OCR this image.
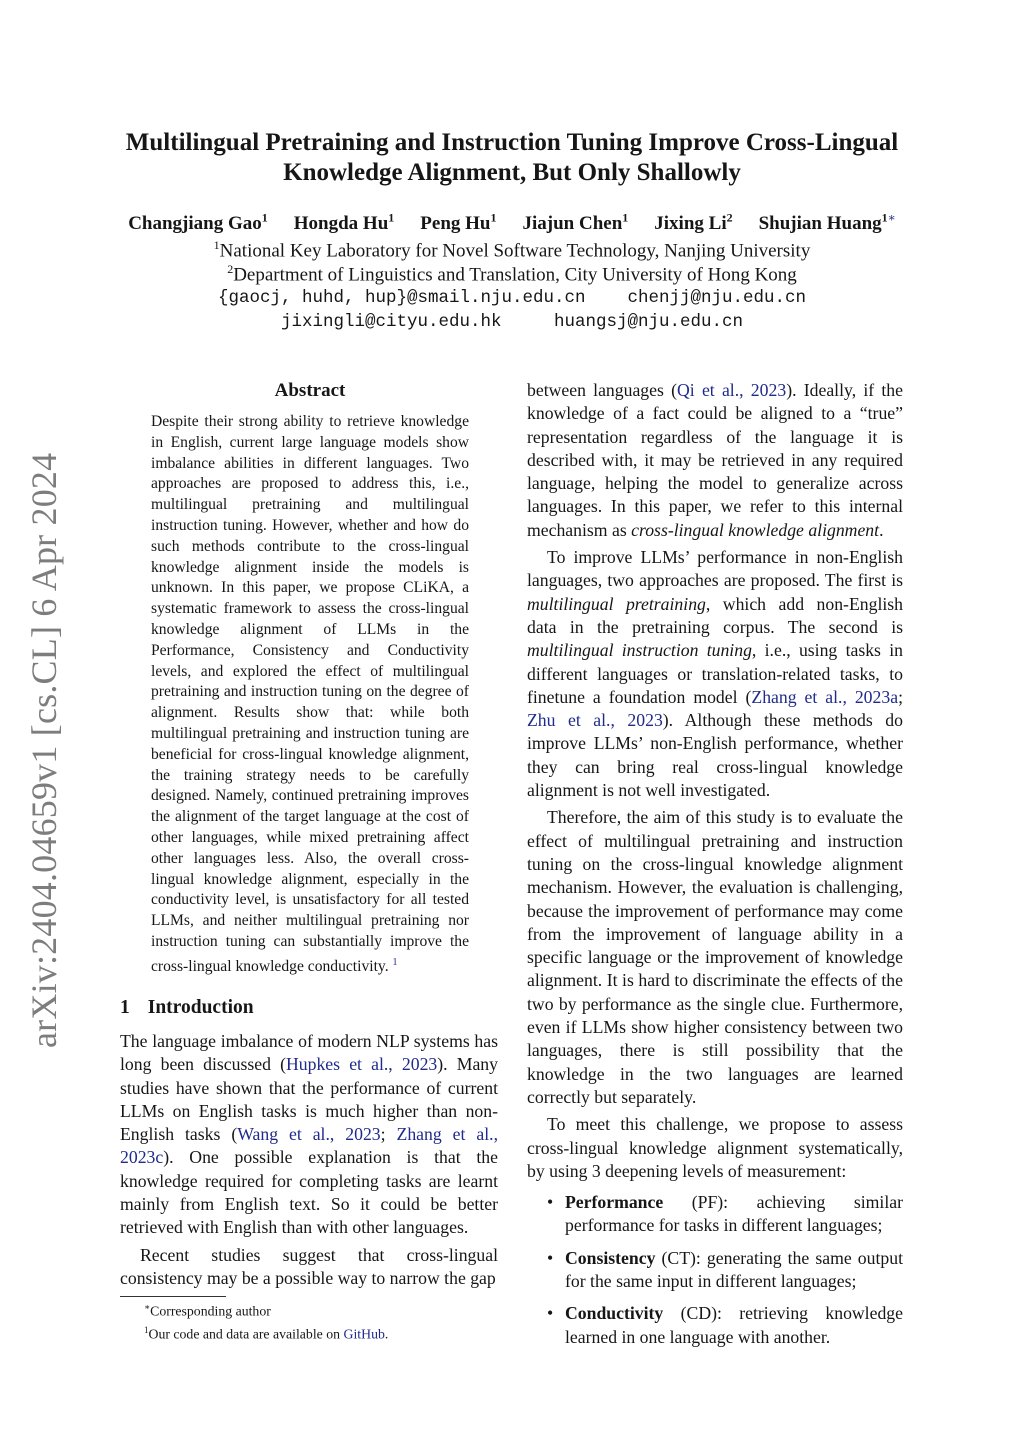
arXiv:2404.04659v1 [cs.CL] 6 Apr 2024
Multilingual Pretraining and Instruction Tuning Improve Cross-Lingual
Knowledge Alignment, But Only Shallowly
Changjiang Gao$^1$ Hongda Hu$^1$ Peng Hu$^1$ Jiajun Chen$^1$ Jixing Li$^2$ Shujian Huang$^{1∗}$
$^1$National Key Laboratory for Novel Software Technology, Nanjing University
$^2$Department of Linguistics and Translation, City University of Hong Kong
{gaocj, huhd, hup}@smail.nju.edu.cn chenjj@nju.edu.cn
jixingli@cityu.edu.hk	huangsj@nju.edu.cn
Abstract
Despite their strong ability to retrieve knowledge in English, current large language models show imbalance abilities in different languages. Two approaches are proposed to address this, i.e., multilingual pretraining and multilingual instruction tuning. However, whether and how do such methods contribute to the cross-lingual knowledge alignment inside the models is unknown. In this paper, we propose CLiKA, a systematic framework to assess the cross-lingual knowledge alignment of LLMs in the Performance, Consistency and Conductivity levels, and explored the effect of multilingual pretraining and instruction tuning on the degree of alignment. Results show that: while both multilingual pretraining and instruction tuning are beneficial for cross-lingual knowledge alignment, the training strategy needs to be carefully designed. Namely, continued pretraining improves the alignment of the target language at the cost of other languages, while mixed pretraining affect other languages less. Also, the overall cross-lingual knowledge alignment, especially in the conductivity level, is unsatisfactory for all tested LLMs, and neither multilingual pretraining nor instruction tuning can substantially improve the cross-lingual knowledge conductivity. $^1$
1 Introduction

The language imbalance of modern NLP systems has long been discussed (Hupkes et al., 2023). Many studies have shown that the performance of current LLMs on English tasks is much higher than non-English tasks (Wang et al., 2023; Zhang et al., 2023c). One possible explanation is that the knowledge required for completing tasks are learnt mainly from English text. So it could be better retrieved with English than with other languages.

Recent studies suggest that cross-lingual consistency may be a possible way to narrow the gap

∗Corresponding author
$^1$Our code and data are available on GitHub.

between languages (Qi et al., 2023). Ideally, if the knowledge of a fact could be aligned to a “true” representation regardless of the language it is described with, it may be retrieved in any required language, helping the model to generalize across languages. In this paper, we refer to this internal mechanism as cross-lingual knowledge alignment.

To improve LLMs’ performance in non-English languages, two approaches are proposed. The first is multilingual pretraining, which add non-English data in the pretraining corpus. The second is multilingual instruction tuning, i.e., using tasks in different languages or translation-related tasks, to finetune a foundation model (Zhang et al., 2023a; Zhu et al., 2023). Although these methods do improve LLMs’ non-English performance, whether they can bring real cross-lingual knowledge alignment is not well investigated.

Therefore, the aim of this study is to evaluate the effect of multilingual pretraining and instruction tuning on the cross-lingual knowledge alignment mechanism. However, the evaluation is challenging, because the improvement of performance may come from the improvement of language ability in a specific language or the improvement of knowledge alignment. It is hard to discriminate the effects of the two by performance as the single clue. Furthermore, even if LLMs show higher consistency between two languages, there is still possibility that the knowledge in the two languages are learned correctly but separately.

To meet this challenge, we propose to assess cross-lingual knowledge alignment systematically, by using 3 deepening levels of measurement:

• Performance (PF): achieving similar performance for tasks in different languages;
• Consistency (CT): generating the same output for the same input in different languages;
• Conductivity (CD): retrieving knowledge learned in one language with another.
